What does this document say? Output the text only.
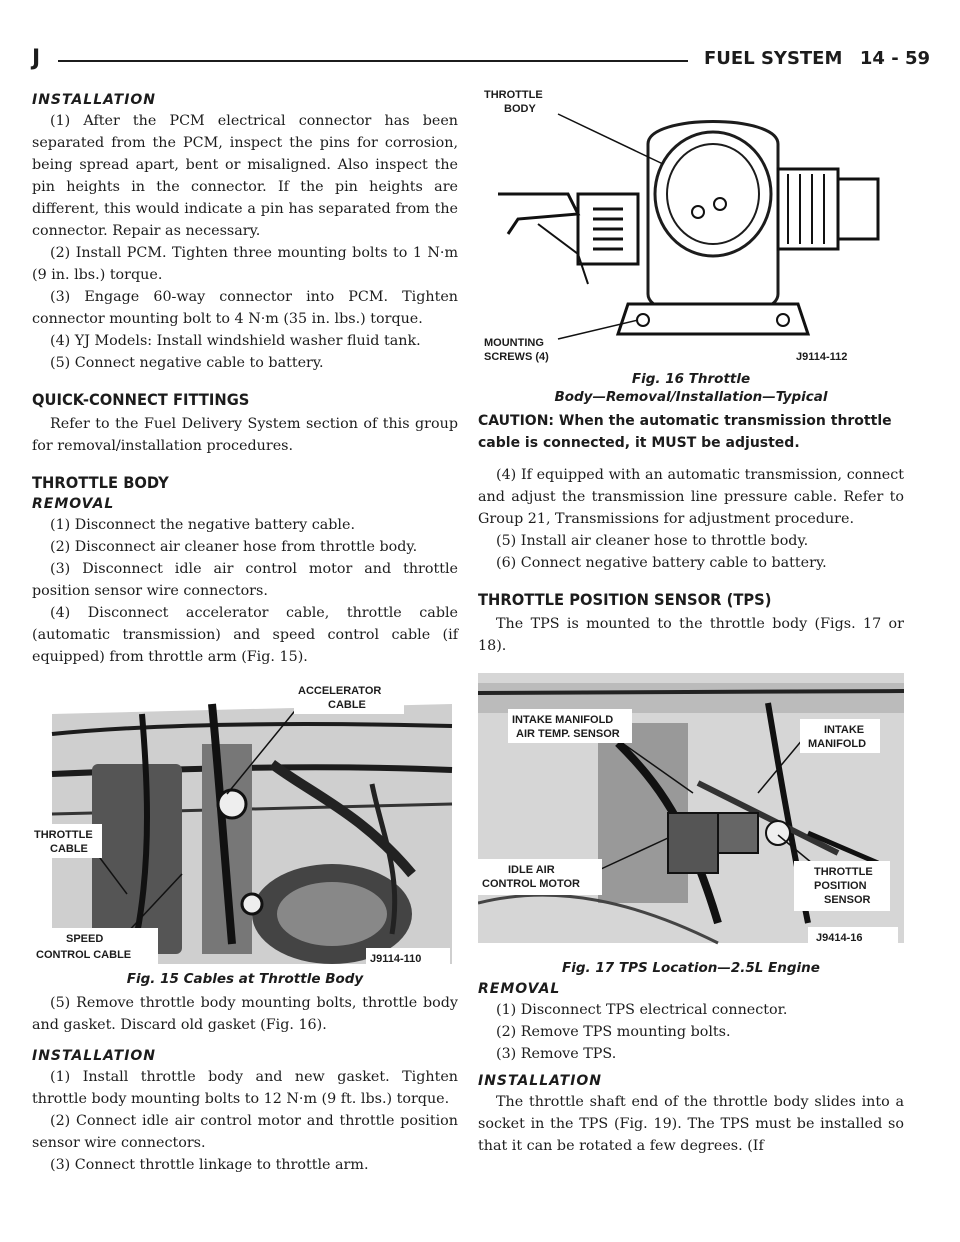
J	FUEL SYSTEM 14 - 59
INSTALLATION

(1) After the PCM electrical connector has been separated from the PCM, inspect the pins for corrosion, being spread apart, bent or misaligned. Also inspect the pin heights in the connector. If the pin heights are different, this would indicate a pin has separated from the connector. Repair as necessary.

(2) Install PCM. Tighten three mounting bolts to 1 N·m (9 in. lbs.) torque.

(3) Engage 60-way connector into PCM. Tighten connector mounting bolt to 4 N·m (35 in. lbs.) torque.

(4) YJ Models: Install windshield washer fluid tank.

(5) Connect negative cable to battery.

QUICK-CONNECT FITTINGS

Refer to the Fuel Delivery System section of this group for removal/installation procedures.

THROTTLE BODY
REMOVAL

(1) Disconnect the negative battery cable.

(2) Disconnect air cleaner hose from throttle body.

(3) Disconnect idle air control motor and throttle position sensor wire connectors.

(4) Disconnect accelerator cable, throttle cable (automatic transmission) and speed control cable (if equipped) from throttle arm (Fig. 15).

ACCELERATOR
CABLE
THROTTLE
CABLE
SPEED
CONTROL CABLE	J9114-110
Fig. 15 Cables at Throttle Body

(5) Remove throttle body mounting bolts, throttle body and gasket. Discard old gasket (Fig. 16).

INSTALLATION

(1) Install throttle body and new gasket. Tighten throttle body mounting bolts to 12 N·m (9 ft. lbs.) torque.

(2) Connect idle air control motor and throttle position sensor wire connectors.

(3) Connect throttle linkage to throttle arm.

THROTTLE
BODY
MOUNTING
SCREWS (4)	J9114-112
Fig. 16 Throttle
Body—Removal/Installation—Typical
CAUTION: When the automatic transmission throttle cable is connected, it MUST be adjusted.

(4) If equipped with an automatic transmission, connect and adjust the transmission line pressure cable. Refer to Group 21, Transmissions for adjustment procedure.

(5) Install air cleaner hose to throttle body.

(6) Connect negative battery cable to battery.

THROTTLE POSITION SENSOR (TPS)

The TPS is mounted to the throttle body (Figs. 17 or 18).

INTAKE MANIFOLD
AIR TEMP. SENSOR	INTAKE
MANIFOLD
IDLE AIR
CONTROL MOTOR
THROTTLE
POSITION
SENSOR
J9414-16
Fig. 17 TPS Location—2.5L Engine
REMOVAL

(1) Disconnect TPS electrical connector.

(2) Remove TPS mounting bolts.

(3) Remove TPS.

INSTALLATION

The throttle shaft end of the throttle body slides into a socket in the TPS (Fig. 19). The TPS must be installed so that it can be rotated a few degrees. (If
